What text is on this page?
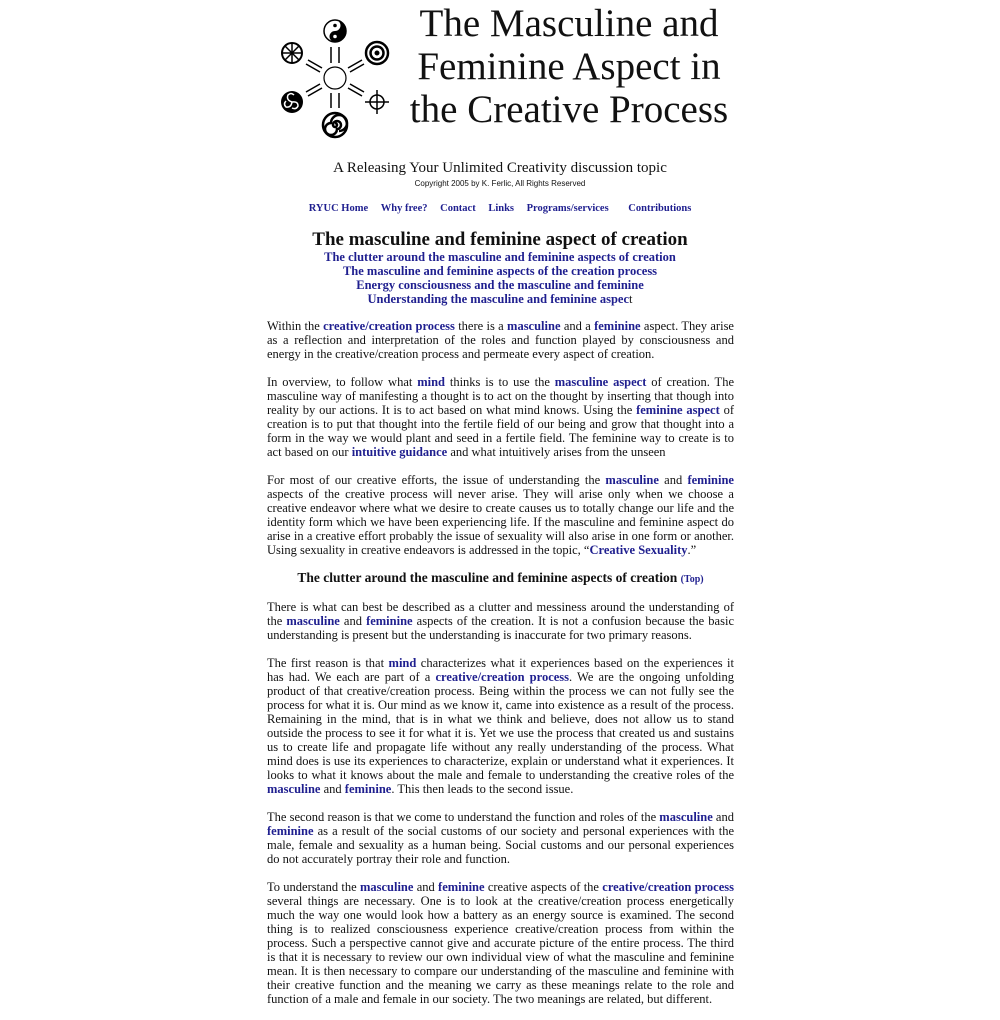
The Masculine and
Feminine Aspect in
the Creative Process
A Releasing Your Unlimited Creativity discussion topic
Copyright 2005 by K. Ferlic, All Rights Reserved
RYUC Home Why free? Contact Links Programs/services Contributions
The masculine and feminine aspect of creation
The clutter around the masculine and feminine aspects of creation
The masculine and feminine aspects of the creation process
Energy consciousness and the masculine and feminine
Understanding the masculine and feminine aspect

Within the creative/creation process there is a masculine and a feminine aspect. They arise as a reflection and interpretation of the roles and function played by consciousness and energy in the creative/creation process and permeate every aspect of creation.

In overview, to follow what mind thinks is to use the masculine aspect of creation. The masculine way of manifesting a thought is to act on the thought by inserting that though into reality by our actions. It is to act based on what mind knows. Using the feminine aspect of creation is to put that thought into the fertile field of our being and grow that thought into a form in the way we would plant and seed in a fertile field. The feminine way to create is to act based on our intuitive guidance and what intuitively arises from the unseen

For most of our creative efforts, the issue of understanding the masculine and feminine aspects of the creative process will never arise. They will arise only when we choose a creative endeavor where what we desire to create causes us to totally change our life and the identity form which we have been experiencing life. If the masculine and feminine aspect do arise in a creative effort probably the issue of sexuality will also arise in one form or another. Using sexuality in creative endeavors is addressed in the topic, “Creative Sexuality.”

The clutter around the masculine and feminine aspects of creation (Top)

There is what can best be described as a clutter and messiness around the understanding of the masculine and feminine aspects of the creation. It is not a confusion because the basic understanding is present but the understanding is inaccurate for two primary reasons.

The first reason is that mind characterizes what it experiences based on the experiences it has had. We each are part of a creative/creation process. We are the ongoing unfolding product of that creative/creation process. Being within the process we can not fully see the process for what it is. Our mind as we know it, came into existence as a result of the process. Remaining in the mind, that is in what we think and believe, does not allow us to stand outside the process to see it for what it is. Yet we use the process that created us and sustains us to create life and propagate life without any really understanding of the process. What mind does is use its experiences to characterize, explain or understand what it experiences. It looks to what it knows about the male and female to understanding the creative roles of the masculine and feminine. This then leads to the second issue.

The second reason is that we come to understand the function and roles of the masculine and feminine as a result of the social customs of our society and personal experiences with the male, female and sexuality as a human being. Social customs and our personal experiences do not accurately portray their role and function.

To understand the masculine and feminine creative aspects of the creative/creation process several things are necessary. One is to look at the creative/creation process energetically much the way one would look how a battery as an energy source is examined. The second thing is to realized consciousness experience creative/creation process from within the process. Such a perspective cannot give and accurate picture of the entire process. The third is that it is necessary to review our own individual view of what the masculine and feminine mean. It is then necessary to compare our understanding of the masculine and feminine with their creative function and the meaning we carry as these meanings relate to the role and function of a male and female in our society. The two meanings are related, but different.
